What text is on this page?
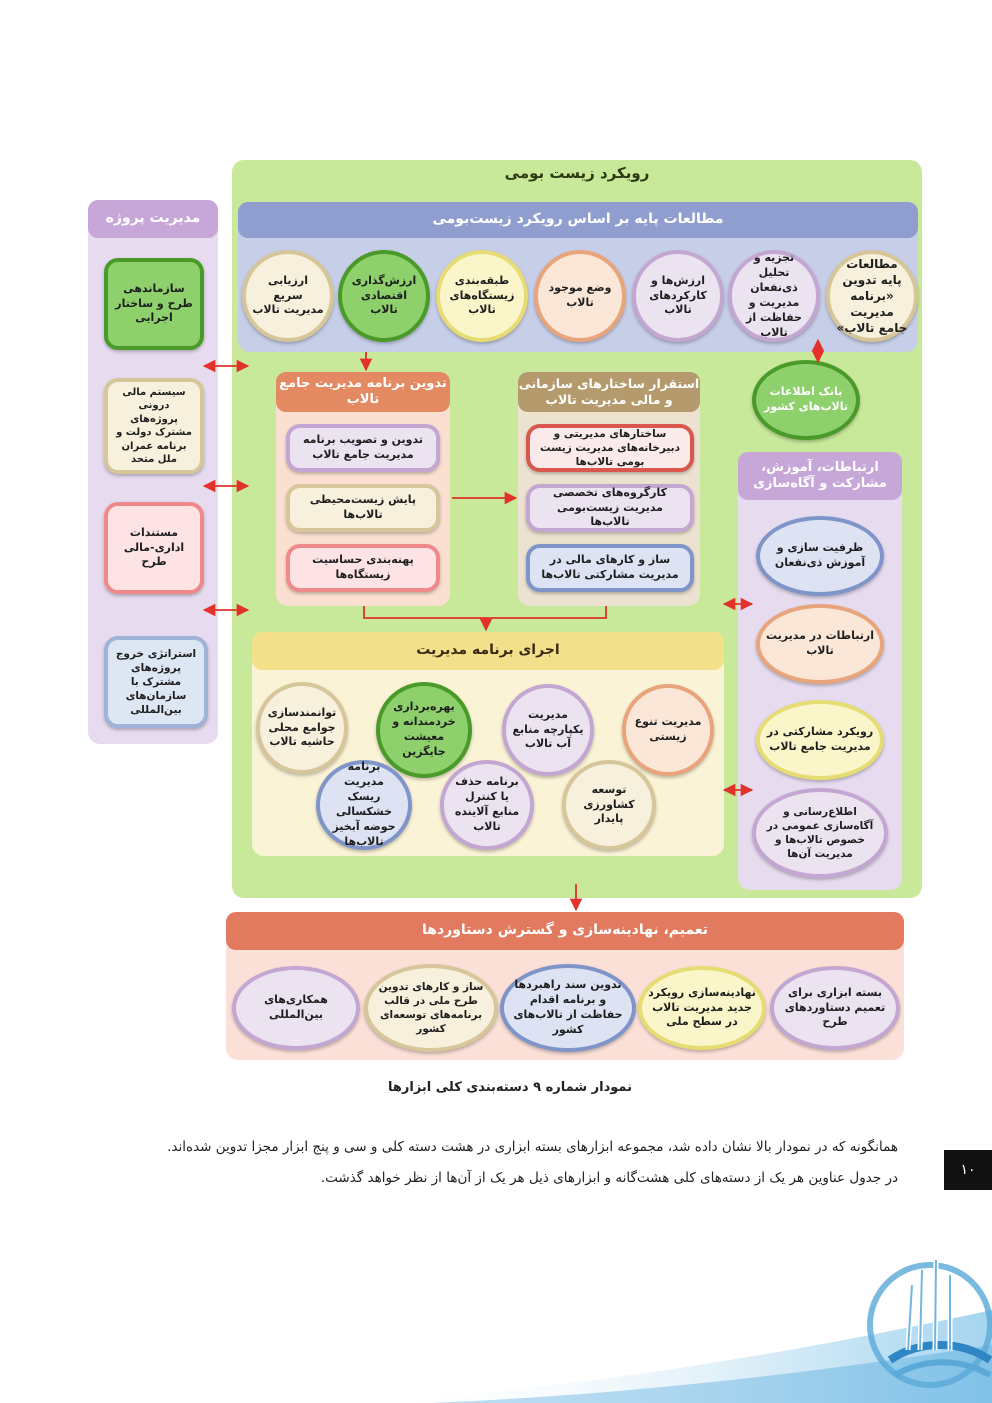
۱۰
رویکرد زیست بومی
مدیریت پروژه
سازماندهی طرح و ساختار اجرایی
سیستم مالی درونی پروژه‌های مشترک دولت و برنامه عمران ملل متحد
مستندات اداری-مالی طرح
استراتژی خروج پروژه‌های مشترک با سازمان‌های بین‌المللی
مطالعات پایه بر اساس رویکرد زیست‌بومی
مطالعات پایه تدوین «برنامه مدیریت جامع تالاب»
تجزیه و تحلیل ذی‌نفعان مدیریت و حفاظت از تالاب
ارزش‌ها و کارکردهای تالاب
وضع موجود تالاب
طبقه‌بندی زیستگاه‌های تالاب
ارزش‌گذاری اقتصادی تالاب
ارزیابی سریع مدیریت تالاب
بانک اطلاعات تالاب‌های کشور
تدوین برنامه مدیریت جامع تالاب
تدوین و تصویب برنامه مدیریت جامع تالاب
پایش زیست‌محیطی تالاب‌ها
پهنه‌بندی حساسیت زیستگاه‌ها
استقرار ساختارهای سازمانی و مالی مدیریت تالاب
ساختارهای مدیریتی و دبیرخانه‌های مدیریت زیست بومی تالاب‌ها
کارگروه‌های تخصصی مدیریت زیست‌بومی تالاب‌ها
ساز و کارهای مالی در مدیریت مشارکتی تالاب‌ها
ارتباطات، آموزش، مشارکت و آگاه‌سازی
ظرفیت سازی و آموزش ذی‌نفعان
ارتباطات در مدیریت تالاب
رویکرد مشارکتی در مدیریت جامع تالاب
اطلاع‌رسانی و آگاه‌سازی عمومی در خصوص تالاب‌ها و مدیریت آن‌ها
اجرای برنامه مدیریت
مدیریت تنوع زیستی
مدیریت یکپارچه منابع آب تالاب
بهره‌برداری خردمندانه و معیشت جایگزین
توانمندسازی جوامع محلی حاشیه تالاب
توسعه کشاورزی پایدار
برنامه حذف یا کنترل منابع آلاینده تالاب
برنامه مدیریت ریسک خشکسالی حوضه آبخیز تالاب‌ها
تعمیم، نهادینه‌سازی و گسترش دستاوردها
بسته ابزاری برای تعمیم دستاوردهای طرح
نهادینه‌سازی رویکرد جدید مدیریت تالاب در سطح ملی
تدوین سند راهبردها و برنامه اقدام حفاظت از تالاب‌های کشور
ساز و کارهای تدوین طرح ملی در قالب برنامه‌های توسعه‌ای کشور
همکاری‌های بین‌المللی
نمودار شماره ۹ دسته‌بندی کلی ابزارها
همانگونه که در نمودار بالا نشان داده شد، مجموعه ابزارهای بسته ابزاری در هشت دسته کلی و سی و پنج ابزار مجزا تدوین شده‌اند.
در جدول عناوین هر یک از دسته‌های کلی هشت‌گانه و ابزارهای ذیل هر یک از آن‌ها از نظر خواهد گذشت.
